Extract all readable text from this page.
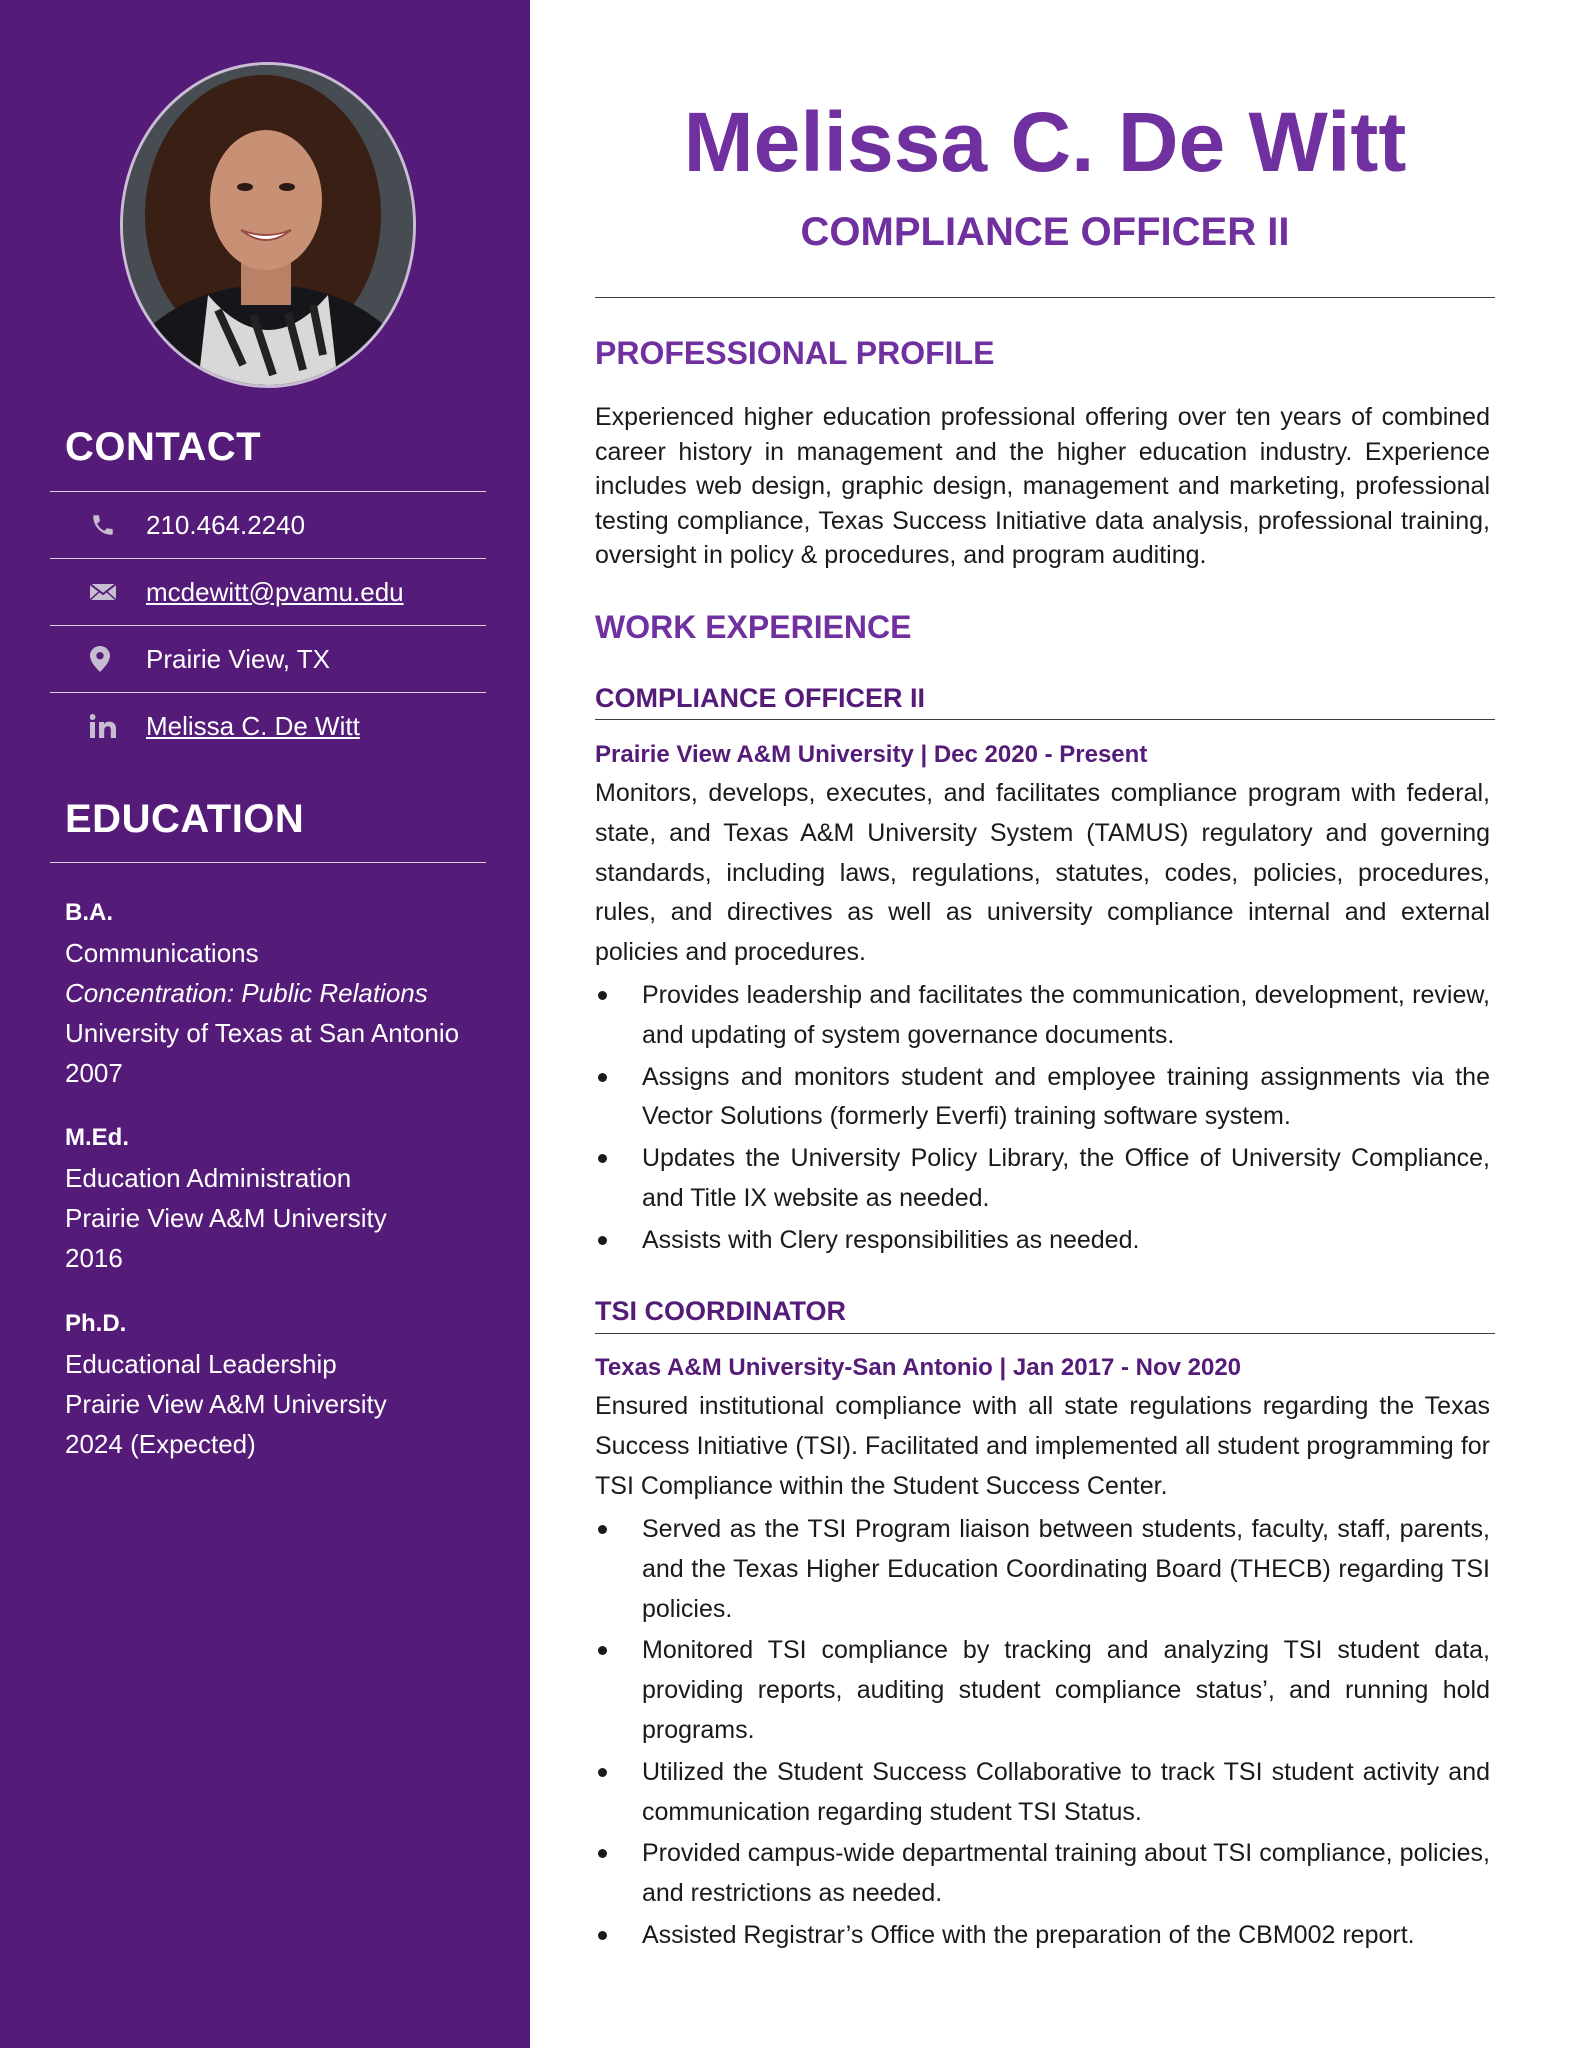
CONTACT
210.464.2240
mcdewitt@pvamu.edu
Prairie View, TX
Melissa C. De Witt
EDUCATION
B.A.
Communications
Concentration: Public Relations
University of Texas at San Antonio
2007
M.Ed.
Education Administration
Prairie View A&M University
2016
Ph.D.
Educational Leadership
Prairie View A&M University
2024 (Expected)
Melissa C. De Witt
COMPLIANCE OFFICER II
PROFESSIONAL PROFILE

Experienced higher education professional offering over ten years of combined career history in management and the higher education industry. Experience includes web design, graphic design, management and marketing, professional testing compliance, Texas Success Initiative data analysis, professional training, oversight in policy & procedures, and program auditing.

WORK EXPERIENCE
COMPLIANCE OFFICER II
Prairie View A&M University | Dec 2020 - Present

Monitors, develops, executes, and facilitates compliance program with federal, state, and Texas A&M University System (TAMUS) regulatory and governing standards, including laws, regulations, statutes, codes, policies, procedures, rules, and directives as well as university compliance internal and external policies and procedures.

Provides leadership and facilitates the communication, development, review, and updating of system governance documents.
Assigns and monitors student and employee training assignments via the Vector Solutions (formerly Everfi) training software system.
Updates the University Policy Library, the Office of University Compliance, and Title IX website as needed.
Assists with Clery responsibilities as needed.
TSI COORDINATOR
Texas A&M University-San Antonio | Jan 2017 - Nov 2020

Ensured institutional compliance with all state regulations regarding the Texas Success Initiative (TSI). Facilitated and implemented all student programming for TSI Compliance within the Student Success Center.

Served as the TSI Program liaison between students, faculty, staff, parents, and the Texas Higher Education Coordinating Board (THECB) regarding TSI policies.
Monitored TSI compliance by tracking and analyzing TSI student data, providing reports, auditing student compliance status’, and running hold programs.
Utilized the Student Success Collaborative to track TSI student activity and communication regarding student TSI Status.
Provided campus-wide departmental training about TSI compliance, policies, and restrictions as needed.
Assisted Registrar’s Office with the preparation of the CBM002 report.
